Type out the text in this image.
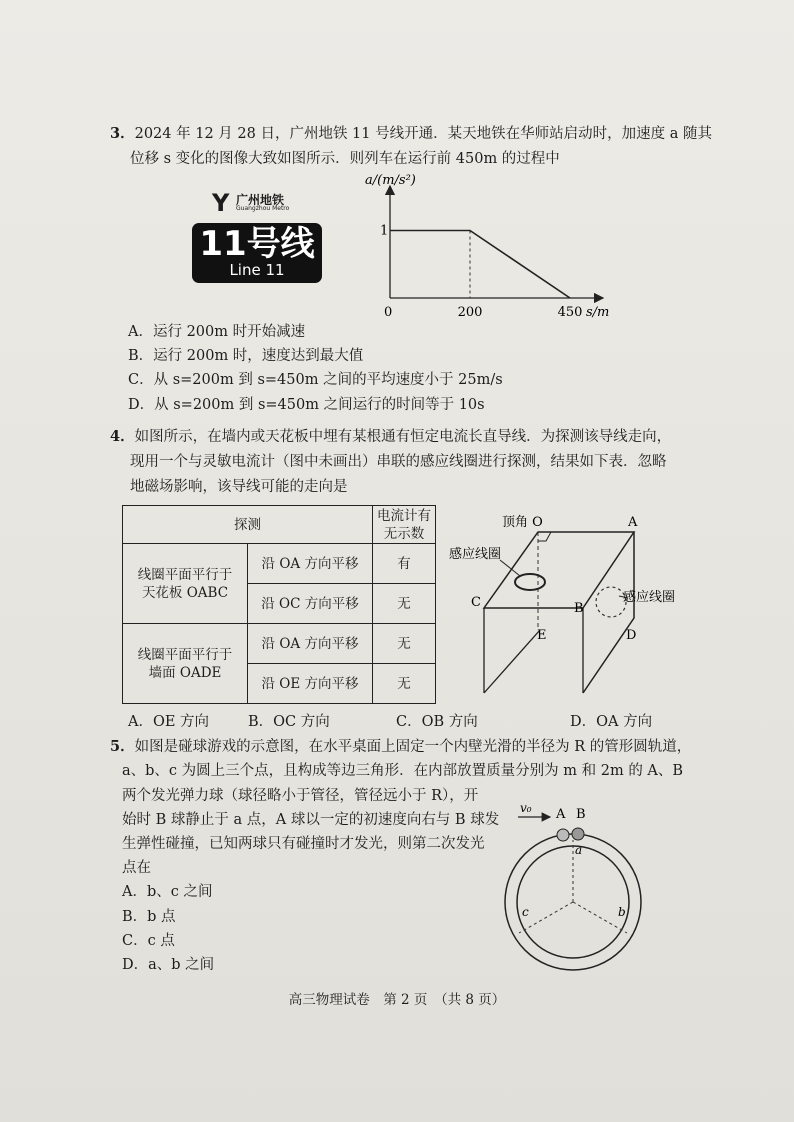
3．2024 年 12 月 28 日，广州地铁 11 号线开通．某天地铁在华师站启动时，加速度 a 随其
位移 s 变化的图像大致如图所示．则列车在运行前 450m 的过程中
Y 广州地铁
Guangzhou Metro
11号线
Line 11
a/(m/s²)
s/m
0
1
200	450
A．运行 200m 时开始减速
B．运行 200m 时，速度达到最大值
C．从 s=200m 到 s=450m 之间的平均速度小于 25m/s
D．从 s=200m 到 s=450m 之间运行的时间等于 10s
4．如图所示，在墙内或天花板中埋有某根通有恒定电流长直导线．为探测该导线走向，
现用一个与灵敏电流计（图中未画出）串联的感应线圈进行探测，结果如下表．忽略
地磁场影响，该导线可能的走向是
探测		电流计有
无示数
线圈平面平行于
天花板 OABC	沿 OA 方向平移	有
	沿 OC 方向平移	无
线圈平面平行于
墙面 OADE	沿 OA 方向平移	无
	沿 OE 方向平移	无
顶角 O	A
感应线圈
感应线圈
C	B
D
E
A．OE 方向	B．OC 方向	C．OB 方向	D．OA 方向
5．如图是碰球游戏的示意图，在水平桌面上固定一个内壁光滑的半径为 R 的管形圆轨道，
a、b、c 为圆上三个点，且构成等边三角形．在内部放置质量分别为 m 和 2m 的 A、B
两个发光弹力球（球径略小于管径，管径远小于 R），开
始时 B 球静止于 a 点，A 球以一定的初速度向右与 B 球发
生弹性碰撞，已知两球只有碰撞时才发光，则第二次发光
点在
v₀ A B
a
b
c
A．b、c 之间
B．b 点
C．c 点
D．a、b 之间
高三物理试卷　第 2 页　（共 8 页）
